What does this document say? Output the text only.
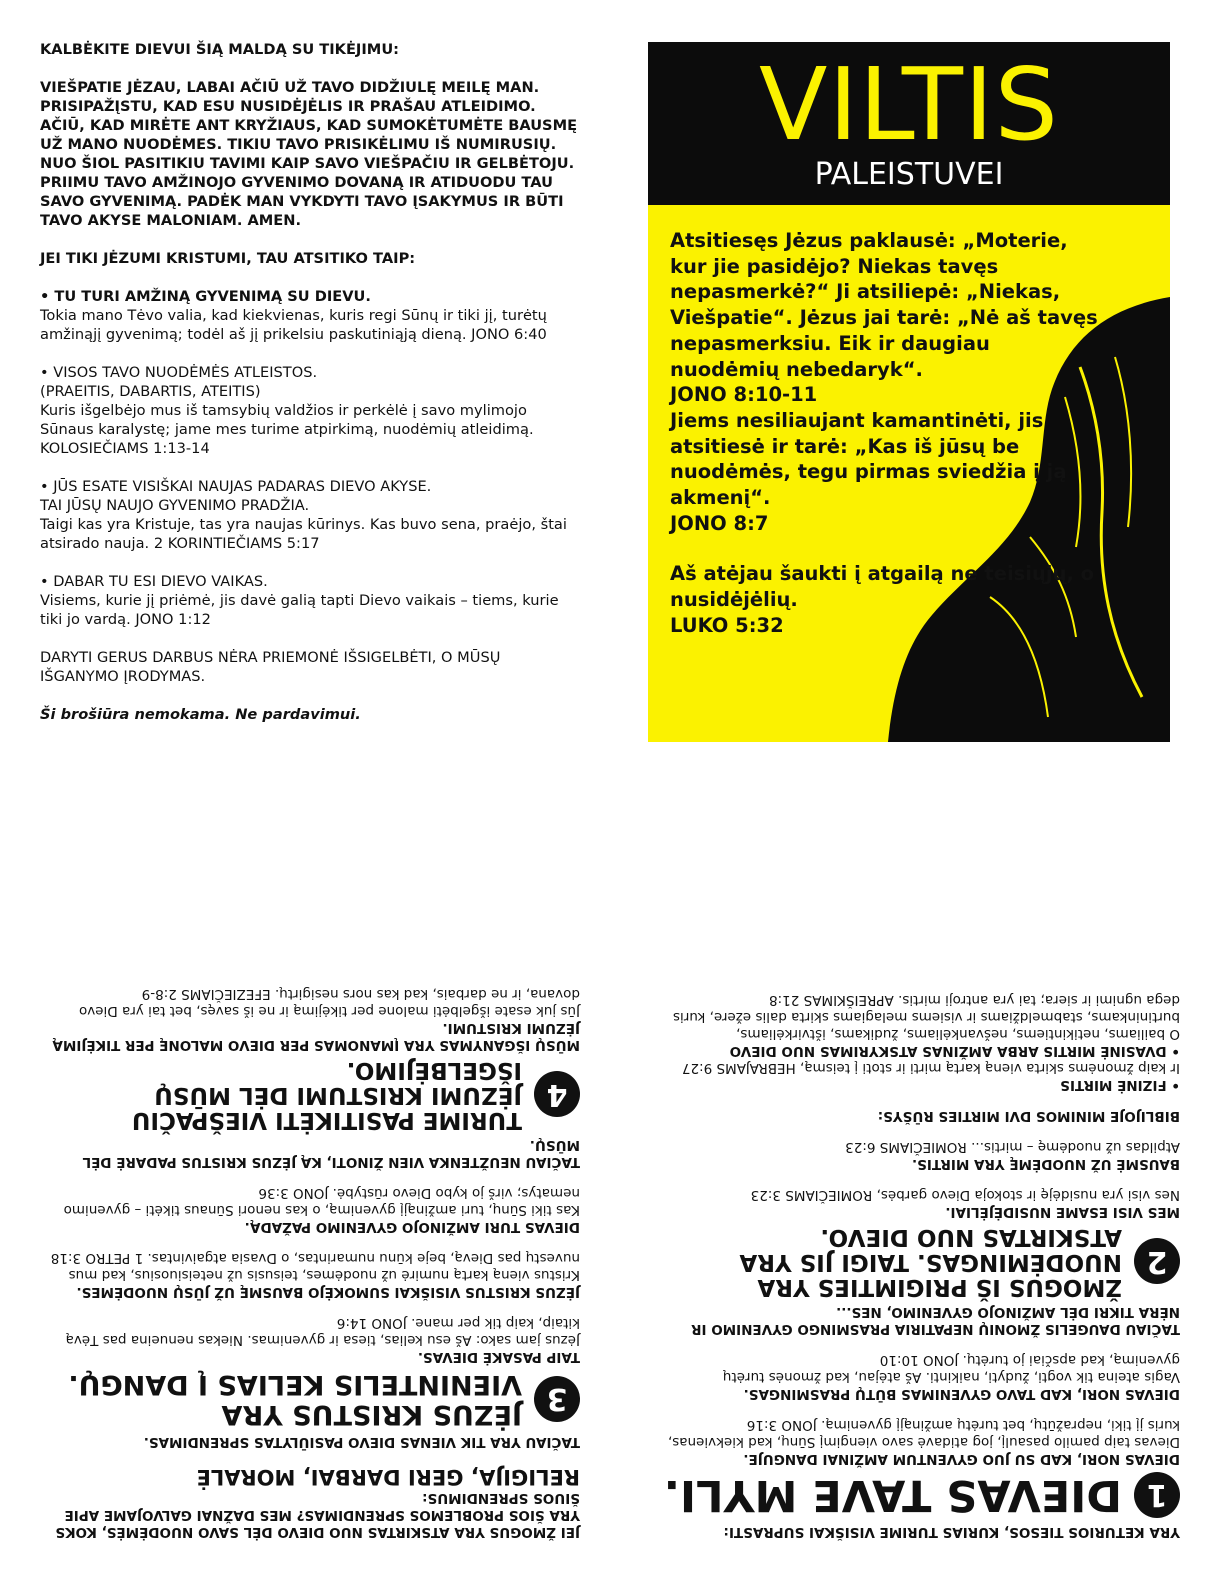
KALBĖKITE DIEVUI ŠIĄ MALDĄ SU TIKĖJIMU:

VIEŠPATIE JĖZAU, LABAI AČIŪ UŽ TAVO DIDŽIULĘ MEILĘ MAN. PRISIPAŽĮSTU, KAD ESU NUSIDĖJĖLIS IR PRAŠAU ATLEIDIMO. AČIŪ, KAD MIRĖTE ANT KRYŽIAUS, KAD SUMOKĖTUMĖTE BAUSMĘ UŽ MANO NUODĖMES. TIKIU TAVO PRISIKĖLIMU IŠ NUMIRUSIŲ. NUO ŠIOL PASITIKIU TAVIMI KAIP SAVO VIEŠPAČIU IR GELBĖTOJU. PRIIMU TAVO AMŽINOJO GYVENIMO DOVANĄ IR ATIDUODU TAU SAVO GYVENIMĄ. PADĖK MAN VYKDYTI TAVO ĮSAKYMUS IR BŪTI TAVO AKYSE MALONIAM. AMEN.

JEI TIKI JĖZUMI KRISTUMI, TAU ATSITIKO TAIP:

• TU TURI AMŽINĄ GYVENIMĄ SU DIEVU.
Tokia mano Tėvo valia, kad kiekvienas, kuris regi Sūnų ir tiki jį, turėtų amžinąjį gyvenimą; todėl aš jį prikelsiu paskutiniąją dieną. JONO 6:40
• VISOS TAVO NUODĖMĖS ATLEISTOS.
(PRAEITIS, DABARTIS, ATEITIS)
Kuris išgelbėjo mus iš tamsybių valdžios ir perkėlė į savo mylimojo Sūnaus karalystę; jame mes turime atpirkimą, nuodėmių atleidimą. KOLOSIEČIAMS 1:13-14
• JŪS ESATE VISIŠKAI NAUJAS PADARAS DIEVO AKYSE.
TAI JŪSŲ NAUJO GYVENIMO PRADŽIA.
Taigi kas yra Kristuje, tas yra naujas kūrinys. Kas buvo sena, praėjo, štai atsirado nauja. 2 KORINTIEČIAMS 5:17
• DABAR TU ESI DIEVO VAIKAS.
Visiems, kurie jį priėmė, jis davė galią tapti Dievo vaikais – tiems, kurie tiki jo vardą. JONO 1:12

DARYTI GERUS DARBUS NĖRA PRIEMONĖ IŠSIGELBĖTI, O MŪSŲ IŠGANYMO ĮRODYMAS.

Ši brošiūra nemokama. Ne pardavimui.

VILTIS
PALEISTUVEI
Atsitiesęs Jėzus paklausė: „Moterie, kur jie pasidėjo? Niekas tavęs nepasmerkė?“ Ji atsiliepė: „Niekas, Viešpatie“. Jėzus jai tarė: „Nė aš tavęs nepasmerksiu. Eik ir daugiau nuodėmių nebedaryk“.
JONO 8:10-11
Jiems nesiliaujant kamantinėti, jis atsitiesė ir tarė: „Kas iš jūsų be nuodėmės, tegu pirmas sviedžia į ją akmenį“.
JONO 8:7
Aš atėjau šaukti į atgailą ne teisiųjų, o nusidėjėlių.
LUKO 5:32

YRA KETURIOS TIESOS, KURIAS TURIME VISIŠKAI SUPRASTI:

1
DIEVAS TAVE MYLI.

DIEVAS NORI, KAD SU JUO GYVENTUM AMŽINAI DANGUJE.

Dievas taip pamilo pasaulį, jog atidavė savo viengimį Sūnų, kad kiekvienas, kuris jį tiki, nepražūtų, bet turėtų amžinąjį gyvenimą. JONO 3:16

DIEVAS NORI, KAD TAVO GYVENIMAS BŪTŲ PRASMINGAS.

Vagis ateina tik vogti, žudyti, naikinti. Aš atėjau, kad žmonės turėtų gyvenimą, kad apsčiai jo turėtų. JONO 10:10

TAČIAU DAUGELIS ŽMONIŲ NEPATIRIA PRASMINGO GYVENIMO IR NĖRA TIKRI DĖL AMŽINOJO GYVENIMO, NES...

2
ŽMOGUS IŠ PRIGIMTIES YRA NUODĖMINGAS. TAIGI JIS YRA ATSKIRTAS NUO DIEVO.

MES VISI ESAME NUSIDĖJĖLIAI.

Nes visi yra nusidėję ir stokoja Dievo garbės, ROMIEČIAMS 3:23

BAUSMĖ UŽ NUODĖMĘ YRA MIRTIS.

Atpildas už nuodėmę – mirtis... ROMIEČIAMS 6:23

BIBLIJOJE MINIMOS DVI MIRTIES RŪŠYS:

• FIZINĖ MIRTIS

Ir kaip žmonėms skirta vieną kartą mirti ir stoti į teismą, HEBRAJAMS 9:27

• DVASINĖ MIRTIS ARBA AMŽINAS ATSKYRIMAS NUO DIEVO

O bailiams, netikintiems, nešvankėliams, žudikams, ištvirkėliams, burtininkams, stabmeldžiams ir visiems melagiams skirta dalis ežere, kuris dega ugnimi ir siera; tai yra antroji mirtis. APREIŠKIMAS 21:8

JEI ŽMOGUS YRA ATSKIRTAS NUO DIEVO DĖL SAVO NUODĖMĖS, KOKS YRA ŠIOS PROBLEMOS SPRENDIMAS? MES DAŽNAI GALVOJAME APIE ŠIUOS SPRENDIMUS:

RELIGIJA, GERI DARBAI, MORALĖ

TAČIAU YRA TIK VIENAS DIEVO PASIŪLYTAS SPRENDIMAS.

3
JĖZUS KRISTUS YRA VIENINTELIS KELIAS Į DANGŲ.

TAIP PASAKĖ DIEVAS.

Jėzus jam sako: Aš esu kelias, tiesa ir gyvenimas. Niekas nenueina pas Tėvą kitaip, kaip tik per mane. JONO 14:6

JĖZUS KRISTUS VISIŠKAI SUMOKĖJO BAUSMĘ UŽ JŪSŲ NUODĖMES.

Kristus vieną kartą numirė už nuodėmes, teisusis už neteisiuosius, kad mus nuvestų pas Dievą, beje kūnu numarintas, o Dvasia atgaivintas. 1 PETRO 3:18

DIEVAS TURI AMŽINOJO GYVENIMO PAŽADĄ.

Kas tiki Sūnų, turi amžinąjį gyvenimą, o kas nenori Sūnaus tikėti – gyvenimo nematys; virš jo kybo Dievo rūstybė. JONO 3:36

TAČIAU NEUŽTENKA VIEN ŽINOTI, KĄ JĖZUS KRISTUS PADARĖ DĖL MŪSŲ.

4
TURIME PASITIKĖTI VIEŠPAČIU JĖZUMI KRISTUMI DĖL MŪSŲ IŠGELBĖJIMO.

MŪSŲ IŠGANYMAS YRA ĮMANOMAS PER DIEVO MALONĘ PER TIKĖJIMĄ JĖZUMI KRISTUMI.

Jūs juk esate išgelbėti malone per tikėjimą ir ne iš savęs, bet tai yra Dievo dovana, ir ne darbais, kad kas nors nesigirtų. EFEZIEČIAMS 2:8-9
